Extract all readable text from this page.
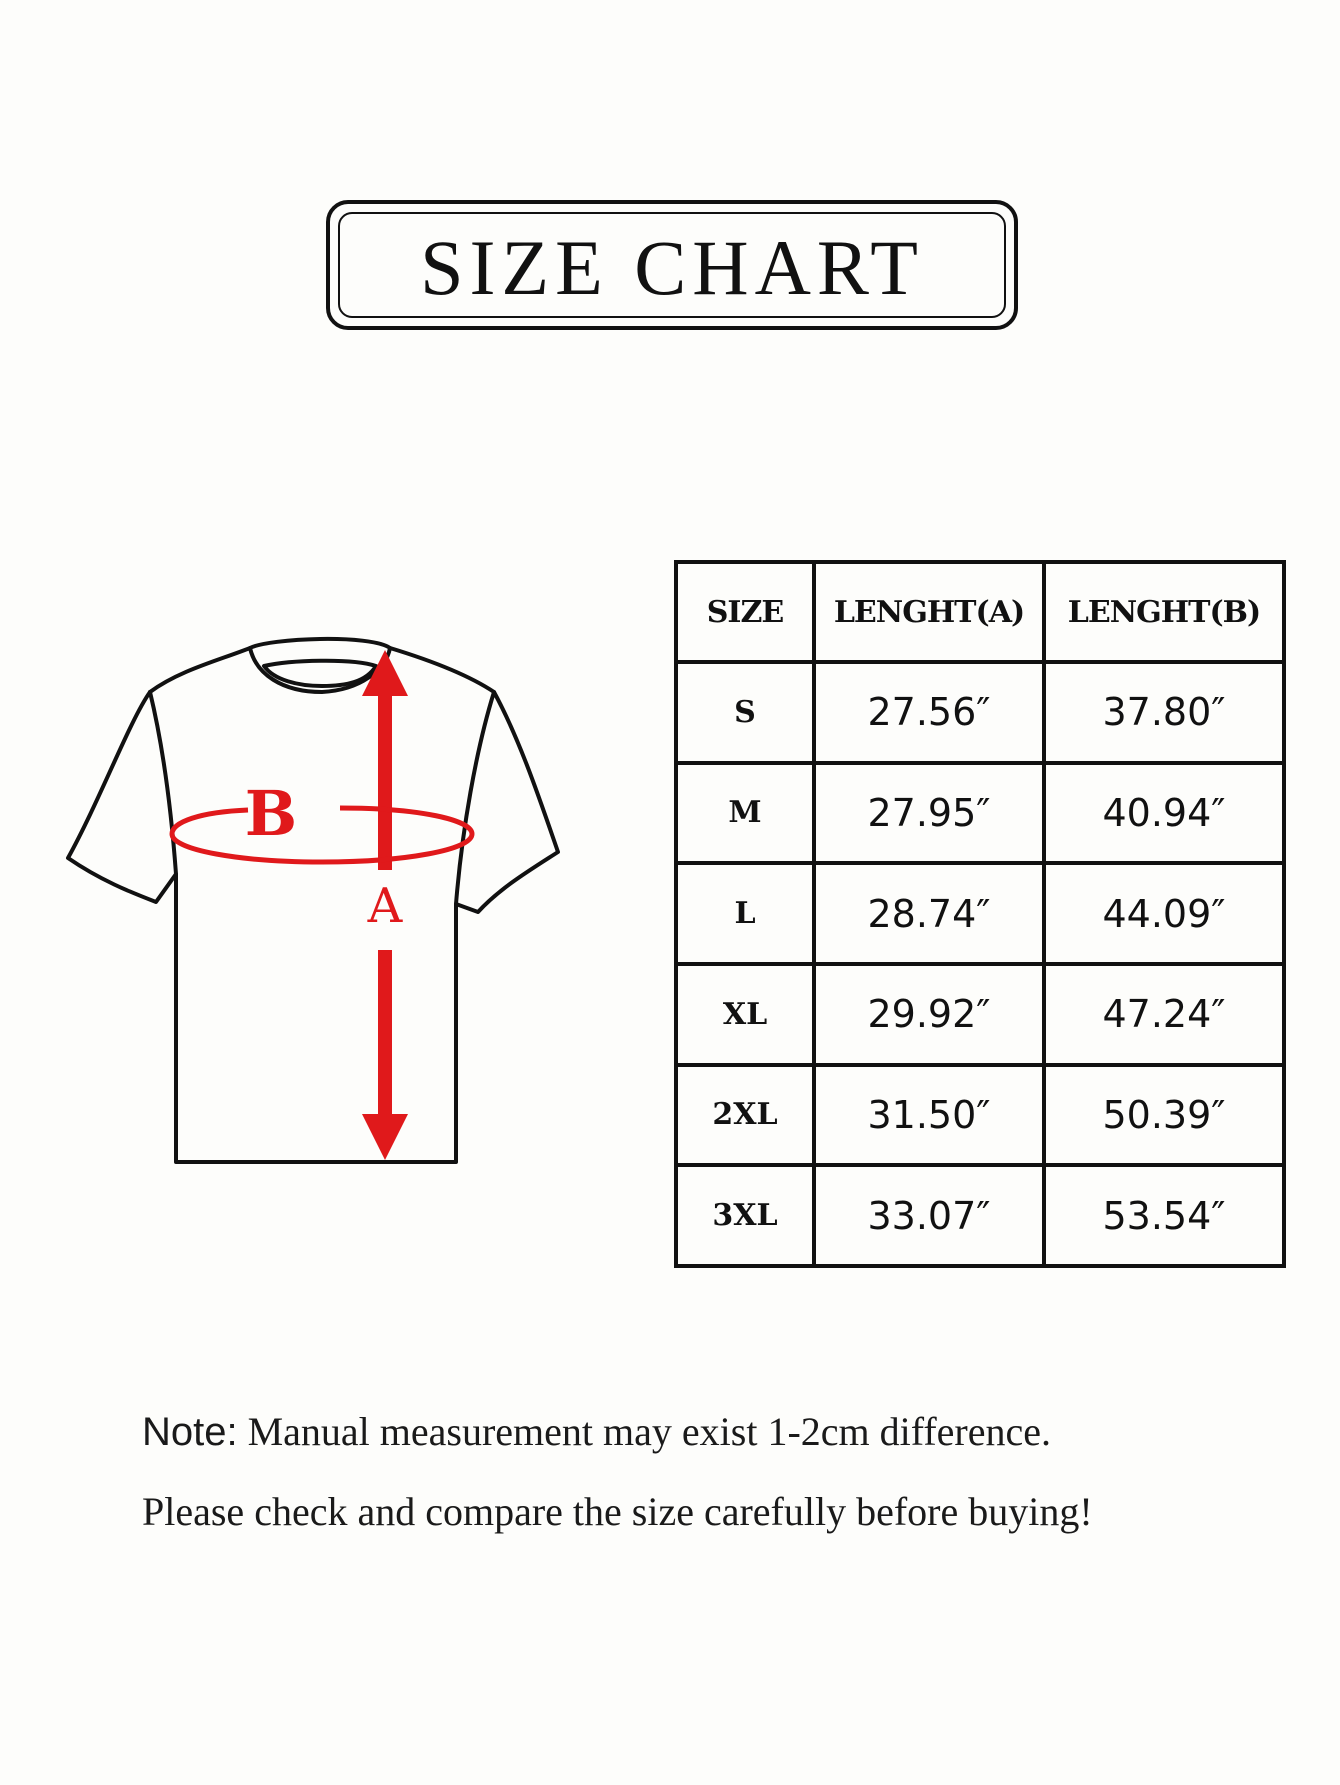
SIZE CHART
B
A
SIZE	LENGHT(A)	LENGHT(B)
S	27.56″	37.80″
M	27.95″	40.94″
L	28.74″	44.09″
XL	29.92″	47.24″
2XL	31.50″	50.39″
3XL	33.07″	53.54″
Note: Manual measurement may exist 1-2cm difference.
Please check and compare the size carefully before buying!
